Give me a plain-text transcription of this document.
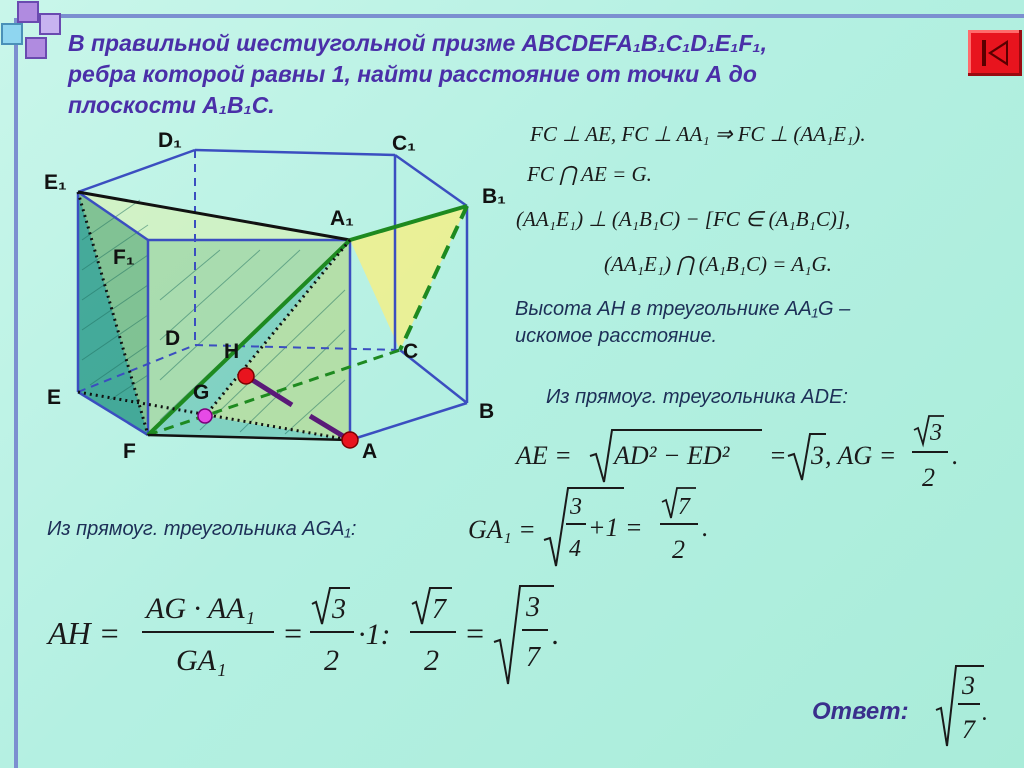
В правильной шестиугольной призме ABCDEFA₁B₁C₁D₁E₁F₁,
ребра которой равны 1, найти расстояние от точки А до
плоскости A₁B₁C.
D₁	C₁
E₁
B₁
A₁
F₁
D
H	C
E	G
B
F	A
FC ⊥ AE, FC ⊥ AA₁ ⇒ FC ⊥ (AA₁E₁).
FC ⋂ AE = G.
(AA₁E₁) ⊥ (A₁B₁C) − [FC ∈ (A₁B₁C)],
(AA₁E₁) ⋂ (A₁B₁C) = A₁G.
Высота АН в треугольнике АА₁G –
искомое расстояние.
Из прямоуг. треугольника ADE:
AE = AD² − ED² = 3 , AG =
3
2
.
Из прямоуг. треугольника AGA₁:	GA₁ =
3
4
+1 =
7
2
.
AH =
AG · AA₁
GA₁
=
3
2
·1:
7
2
=
3
7
.
Ответ:
3
7
.
